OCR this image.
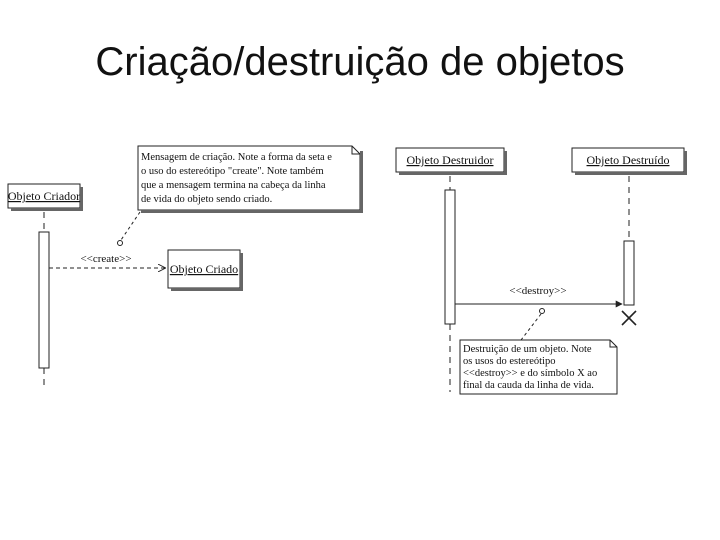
Criação/destruição de objetos
Objeto Criador
<<create>>
Objeto Criado
Mensagem de criação. Note a forma da seta e
o uso do estereótipo "create". Note também
que a mensagem termina na cabeça da linha
de vida do objeto sendo criado.
Objeto Destruidor	Objeto Destruído
<<destroy>>
Destruição de um objeto. Note
os usos do estereótipo
<<destroy>> e do símbolo X ao
final da cauda da linha de vida.
